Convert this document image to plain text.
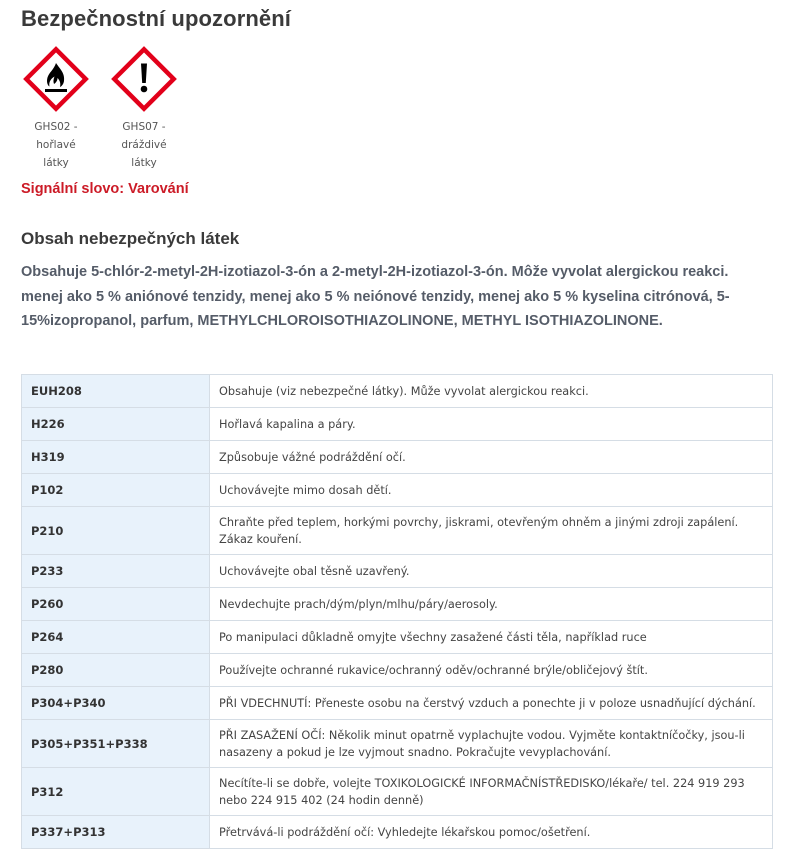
Bezpečnostní upozornění
GHS02 - hořlavé látky
GHS07 - dráždivé látky
Signální slovo: Varování
Obsah nebezpečných látek

Obsahuje 5-chlór-2-metyl-2H-izotiazol-3-ón a 2-metyl-2H-izotiazol-3-ón. Môže vyvolat alergickou reakci. menej ako 5 % aniónové tenzidy, menej ako 5 % neiónové tenzidy, menej ako 5 % kyselina citrónová, 5-15%izopropanol, parfum, METHYLCHLOROISOTHIAZOLINONE, METHYL ISOTHIAZOLINONE.

EUH208	Obsahuje (viz nebezpečné látky). Může vyvolat alergickou reakci.
H226	Hořlavá kapalina a páry.
H319	Způsobuje vážné podráždění očí.
P102	Uchovávejte mimo dosah dětí.
P210	Chraňte před teplem, horkými povrchy, jiskrami, otevřeným ohněm a jinými zdroji zapálení. Zákaz kouření.
P233	Uchovávejte obal těsně uzavřený.
P260	Nevdechujte prach/dým/plyn/mlhu/páry/aerosoly.
P264	Po manipulaci důkladně omyjte všechny zasažené části těla, například ruce
P280	Používejte ochranné rukavice/ochranný oděv/ochranné brýle/obličejový štít.
P304+P340	PŘI VDECHNUTÍ: Přeneste osobu na čerstvý vzduch a ponechte ji v poloze usnadňující dýchání.
P305+P351+P338	PŘI ZASAŽENÍ OČÍ: Několik minut opatrně vyplachujte vodou. Vyjměte kontaktníčočky, jsou-li nasazeny a pokud je lze vyjmout snadno. Pokračujte vevyplachování.
P312	Necítíte-li se dobře, volejte TOXIKOLOGICKÉ INFORMAČNÍSTŘEDISKO/lékaře/ tel. 224 919 293 nebo 224 915 402 (24 hodin denně)
P337+P313	Přetrvává-li podráždění očí: Vyhledejte lékařskou pomoc/ošetření.
